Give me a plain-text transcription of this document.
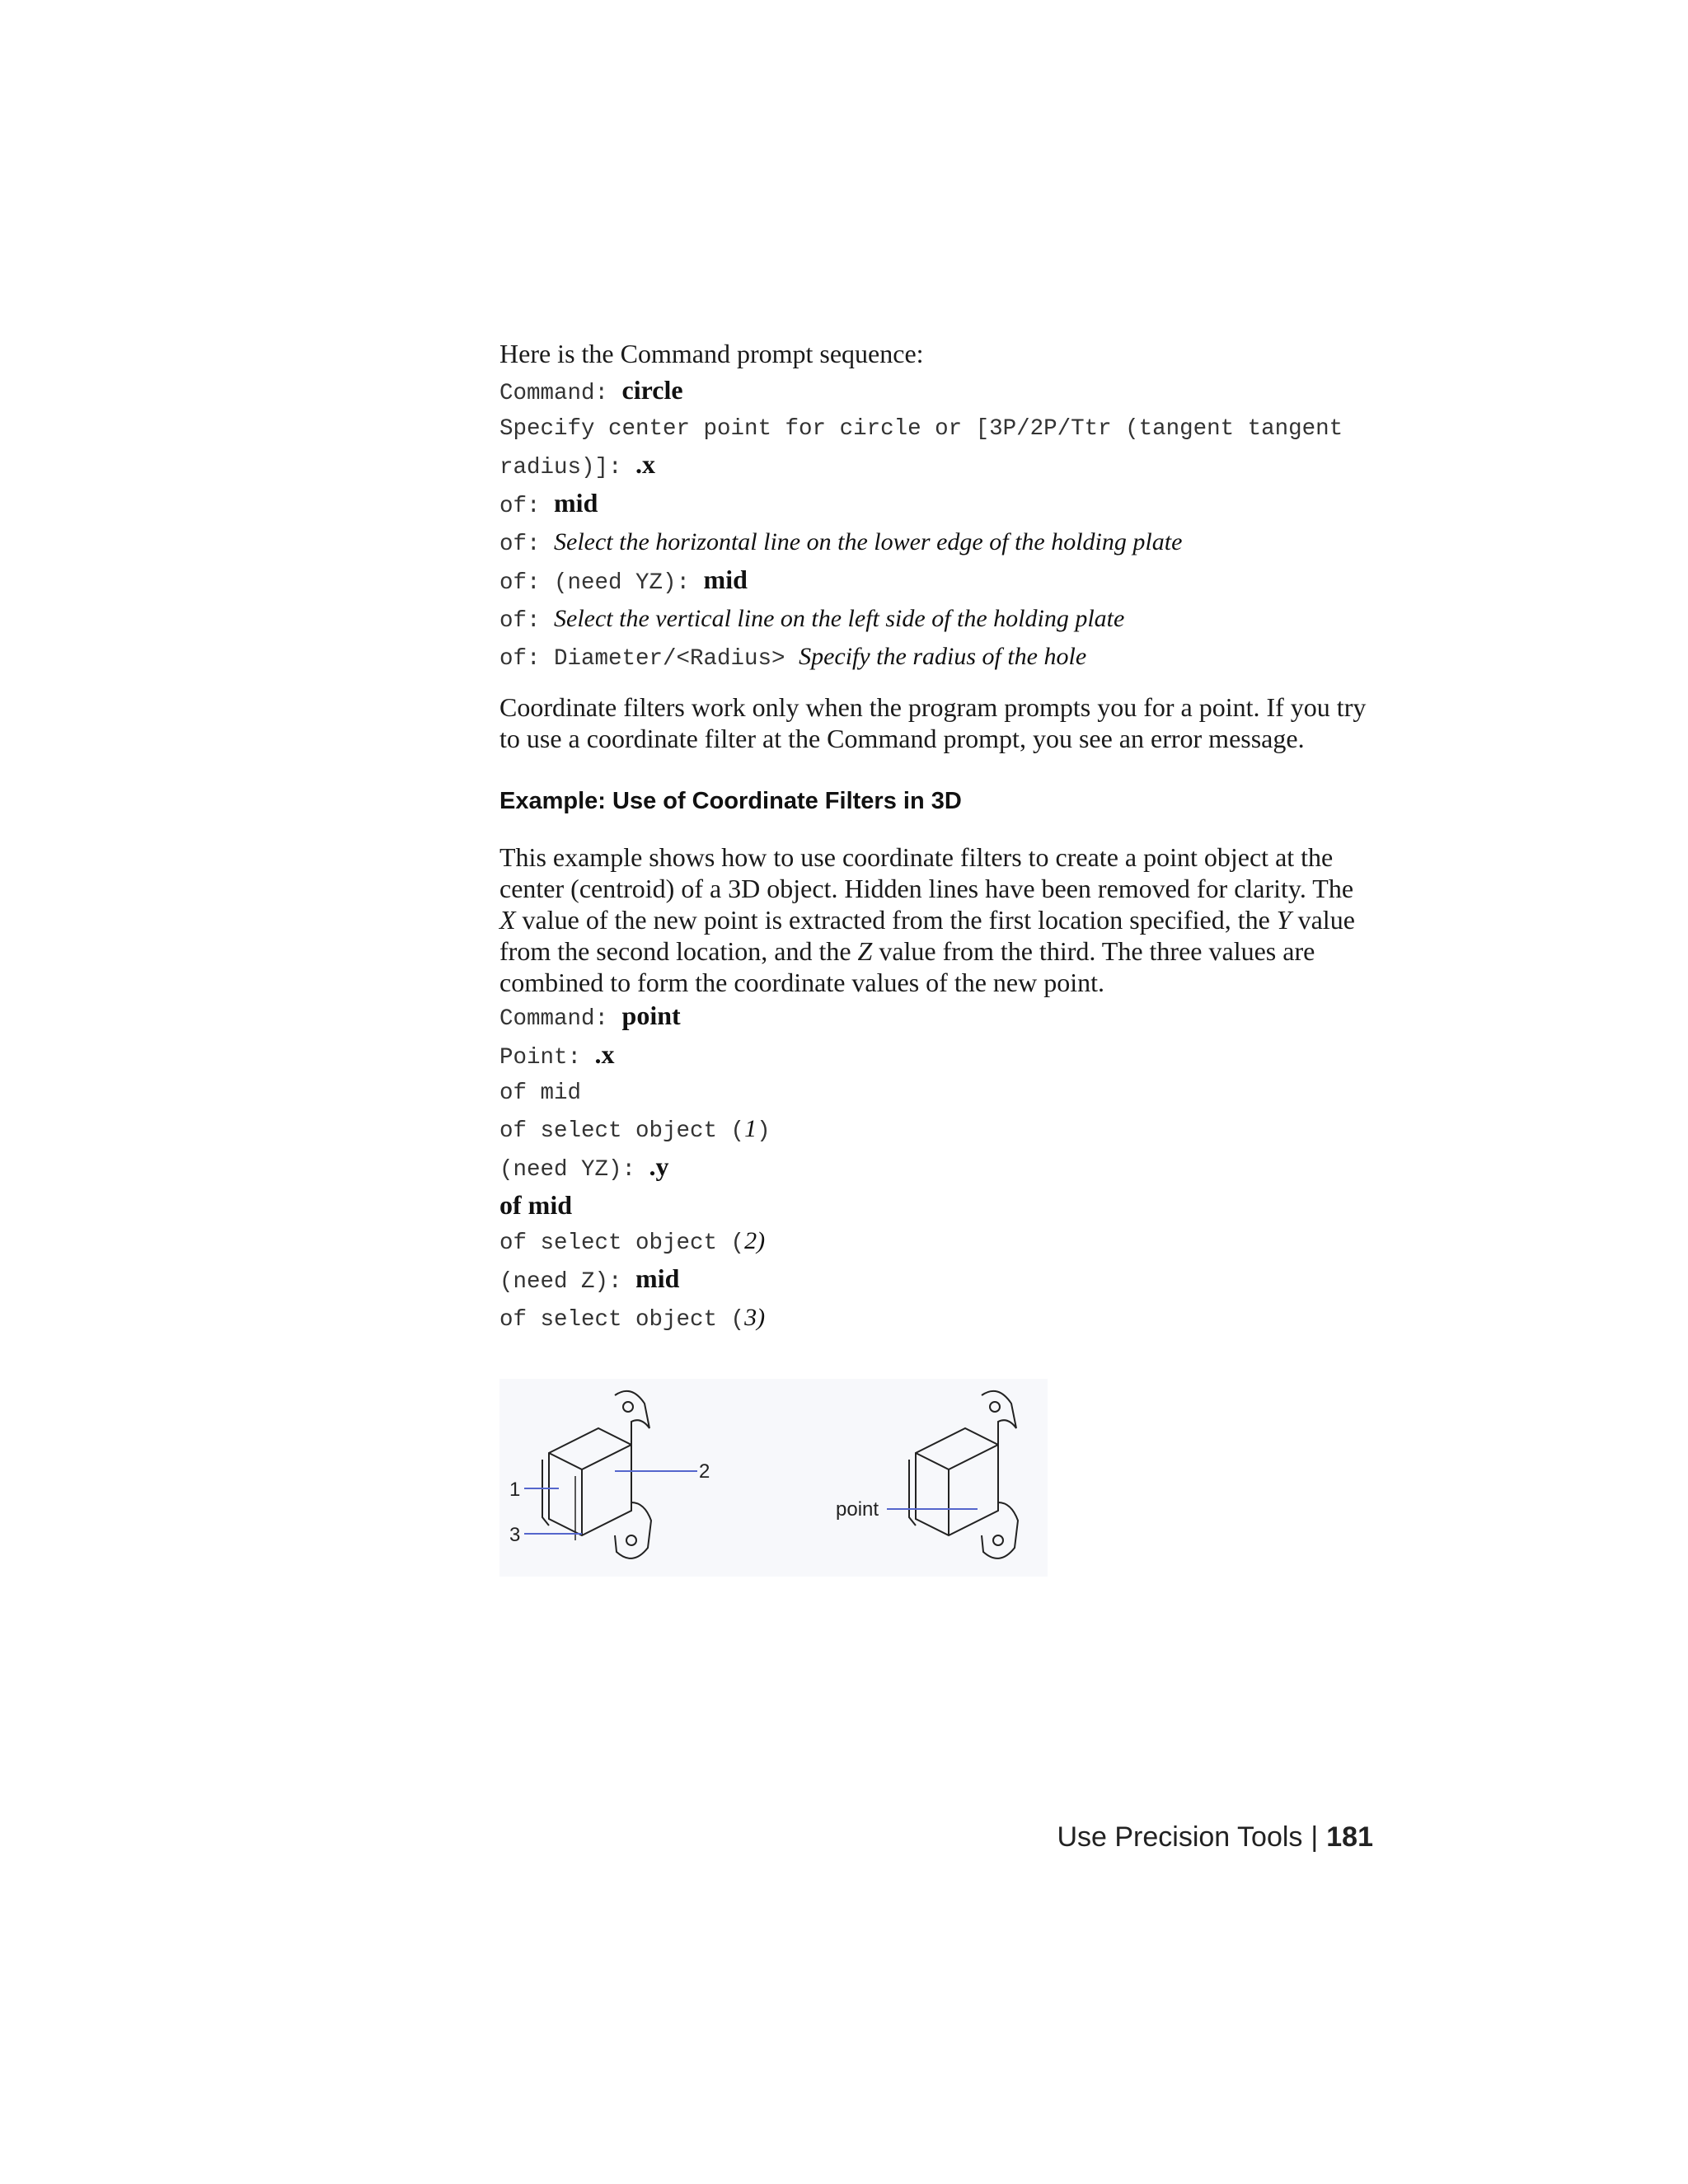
Here is the Command prompt sequence:

Command: circle
Specify center point for circle or [3P/2P/Ttr (tangent tangent
radius)]: .x
of: mid
of: Select the horizontal line on the lower edge of the holding plate
of: (need YZ): mid
of: Select the vertical line on the left side of the holding plate
of: Diameter/<Radius> Specify the radius of the hole

Coordinate filters work only when the program prompts you for a point. If you try to use a coordinate filter at the Command prompt, you see an error message.

Example: Use of Coordinate Filters in 3D

This example shows how to use coordinate filters to create a point object at the center (centroid) of a 3D object. Hidden lines have been removed for clarity. The X value of the new point is extracted from the first location specified, the Y value from the second location, and the Z value from the third. The three values are combined to form the coordinate values of the new point.

Command: point
Point: .x
of mid
of select object (1)
(need YZ): .y
of mid
of select object (2)
(need Z): mid
of select object (3)
1
2
3
point
Use Precision Tools | 181
